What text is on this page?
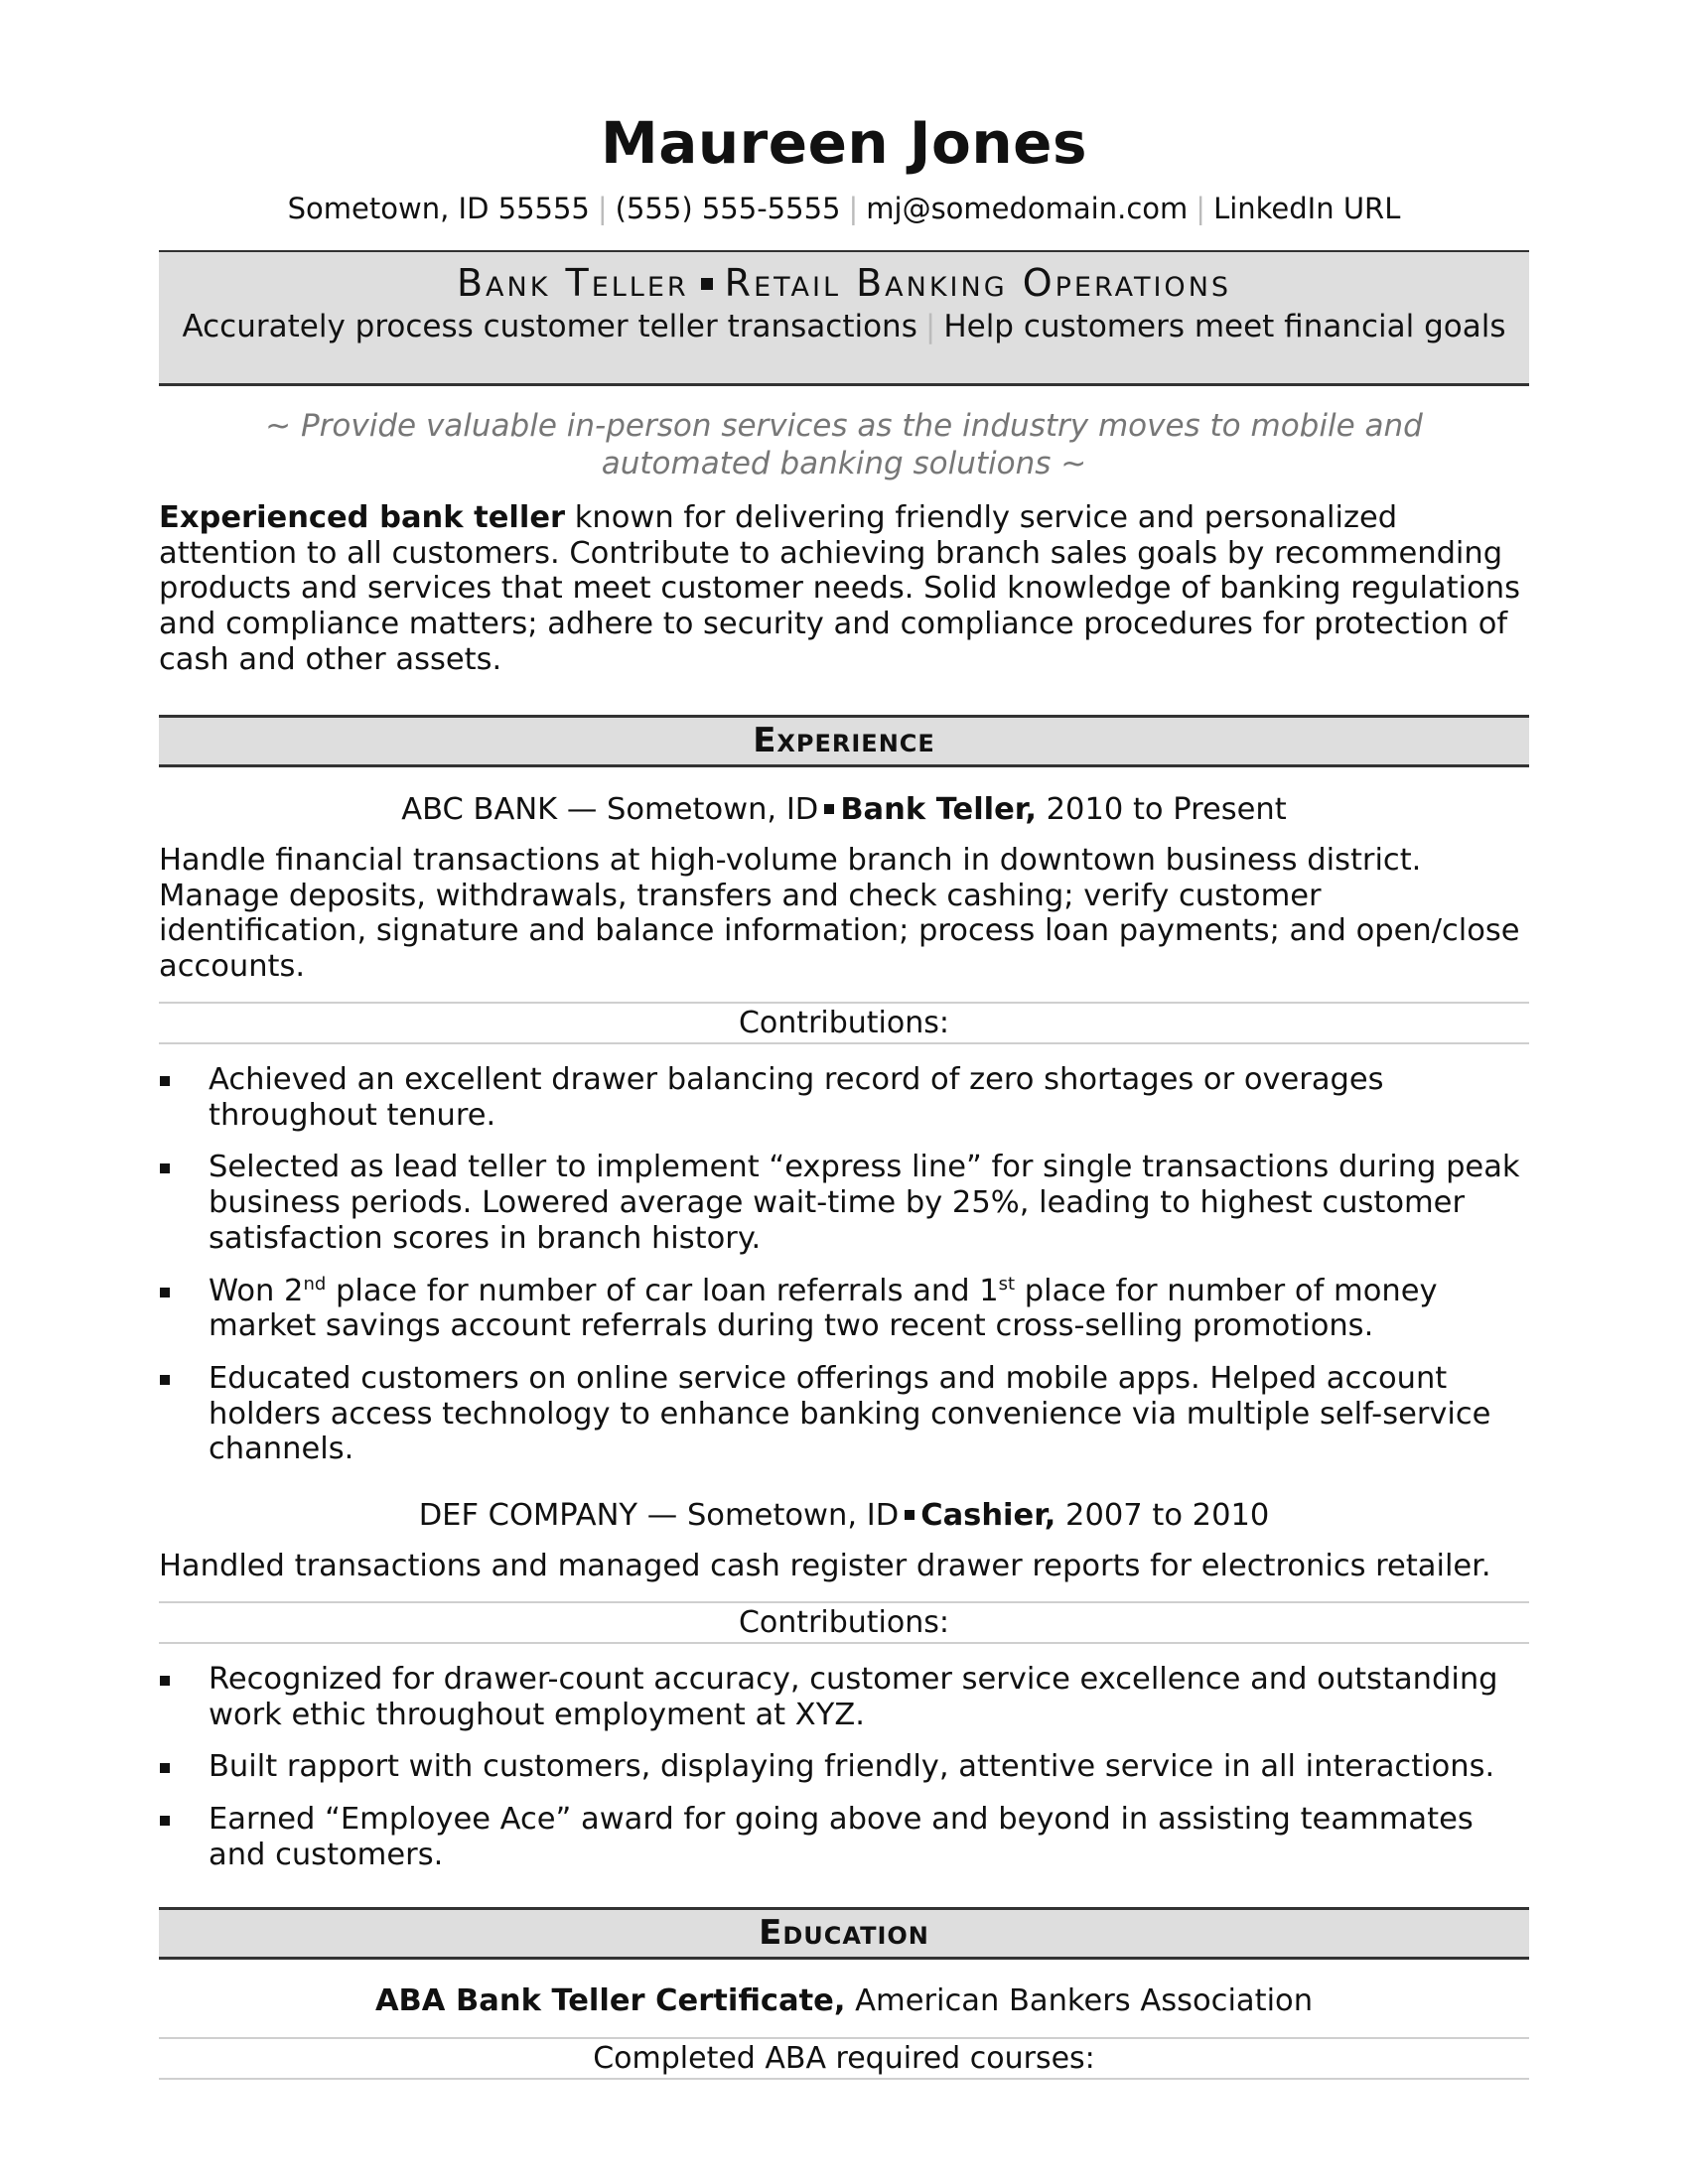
Maureen Jones
Sometown, ID 55555 | (555) 555-5555 | mj@somedomain.com | LinkedIn URL
Bank Teller Retail Banking Operations
Accurately process customer teller transactions | Help customers meet financial goals
~ Provide valuable in-person services as the industry moves to mobile and automated banking solutions ~
Experienced bank teller known for delivering friendly service and personalized attention to all customers. Contribute to achieving branch sales goals by recommending products and services that meet customer needs. Solid knowledge of banking regulations and compliance matters; adhere to security and compliance procedures for protection of cash and other assets.
Experience
ABC BANK — Sometown, ID Bank Teller, 2010 to Present
Handle financial transactions at high-volume branch in downtown business district. Manage deposits, withdrawals, transfers and check cashing; verify customer identification, signature and balance information; process loan payments; and open/close accounts.
Contributions:
Achieved an excellent drawer balancing record of zero shortages or overages throughout tenure.
Selected as lead teller to implement “express line” for single transactions during peak business periods. Lowered average wait-time by 25%, leading to highest customer satisfaction scores in branch history.
Won 2nd place for number of car loan referrals and 1st place for number of money market savings account referrals during two recent cross-selling promotions.
Educated customers on online service offerings and mobile apps. Helped account holders access technology to enhance banking convenience via multiple self-service channels.
DEF COMPANY — Sometown, ID Cashier, 2007 to 2010
Handled transactions and managed cash register drawer reports for electronics retailer.
Contributions:
Recognized for drawer-count accuracy, customer service excellence and outstanding work ethic throughout employment at XYZ.
Built rapport with customers, displaying friendly, attentive service in all interactions.
Earned “Employee Ace” award for going above and beyond in assisting teammates and customers.
Education
ABA Bank Teller Certificate, American Bankers Association
Completed ABA required courses:
